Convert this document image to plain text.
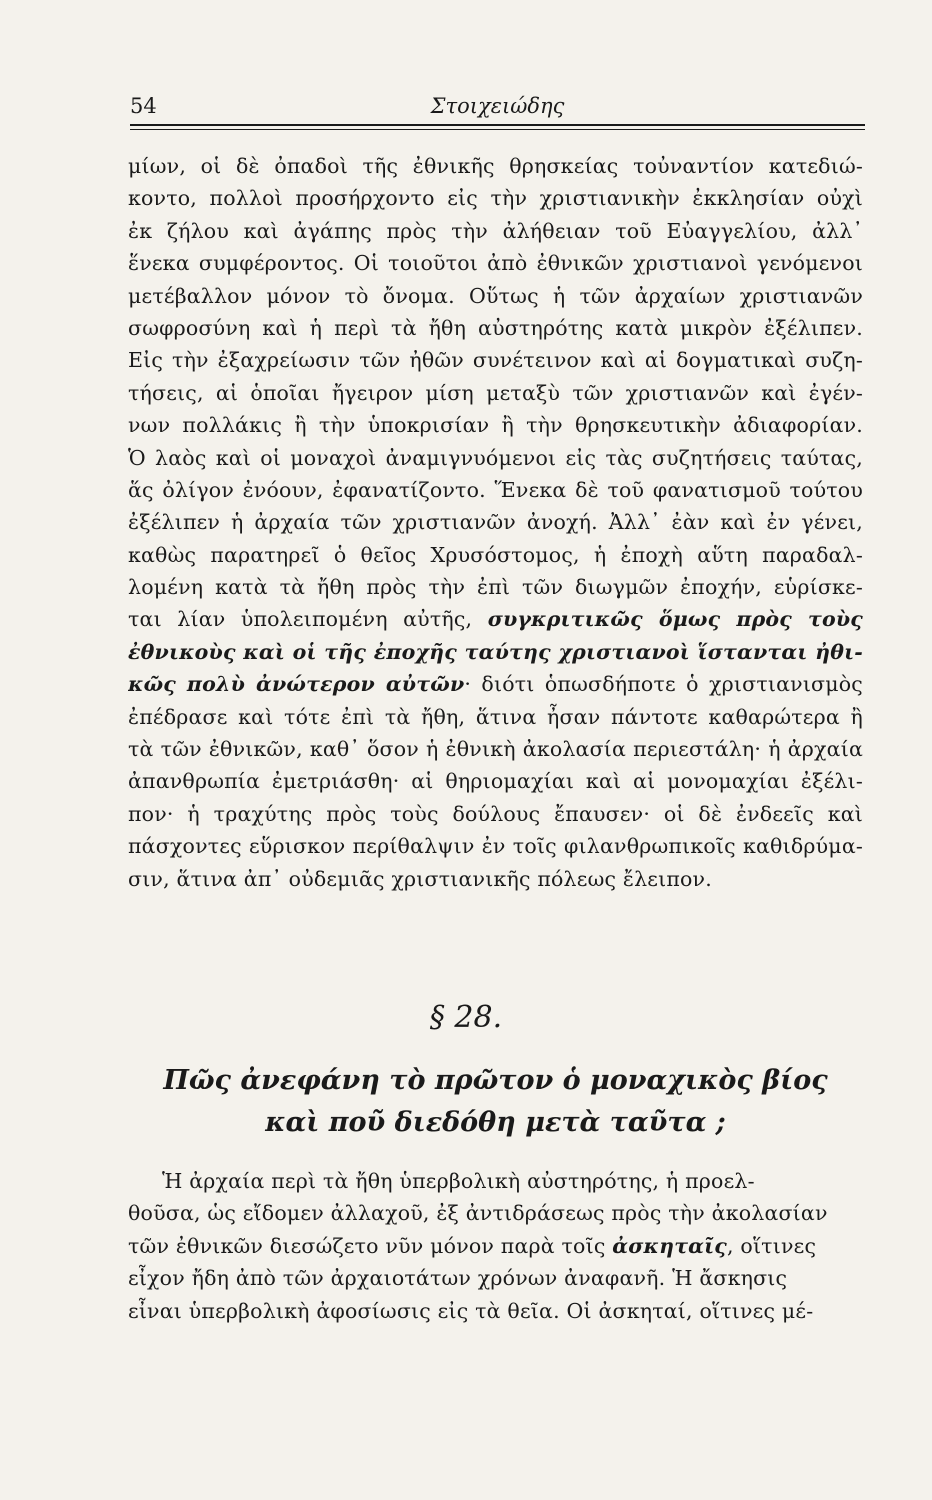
54	Στοιχειώδης
μίων, οἱ δὲ ὀπαδοὶ τῆς ἐθνικῆς θρησκείας τοὐναντίον κατεδιώ-
κοντο, πολλοὶ προσήρχοντο εἰς τὴν χριστιανικὴν ἐκκλησίαν οὐχὶ
ἐκ ζήλου καὶ ἀγάπης πρὸς τὴν ἀλήθειαν τοῦ Εὐαγγελίου, ἀλλ᾽
ἕνεκα συμφέροντος. Οἱ τοιοῦτοι ἀπὸ ἐθνικῶν χριστιανοὶ γενόμενοι
μετέβαλλον μόνον τὸ ὄνομα. Οὕτως ἡ τῶν ἀρχαίων χριστιανῶν
σωφροσύνη καὶ ἡ περὶ τὰ ἤθη αὐστηρότης κατὰ μικρὸν ἐξέλιπεν.
Εἰς τὴν ἐξαχρείωσιν τῶν ἠθῶν συνέτεινον καὶ αἱ δογματικαὶ συζη-
τήσεις, αἱ ὁποῖαι ἤγειρον μίση μεταξὺ τῶν χριστιανῶν καὶ ἐγέν-
νων πολλάκις ἢ τὴν ὑποκρισίαν ἢ τὴν θρησκευτικὴν ἀδιαφορίαν.
Ὁ λαὸς καὶ οἱ μοναχοὶ ἀναμιγνυόμενοι εἰς τὰς συζητήσεις ταύτας,
ἅς ὀλίγον ἐνόουν, ἐφανατίζοντο. Ἕνεκα δὲ τοῦ φανατισμοῦ τούτου
ἐξέλιπεν ἡ ἀρχαία τῶν χριστιανῶν ἀνοχή. Ἀλλ᾽ ἐὰν καὶ ἐν γένει,
καθὼς παρατηρεῖ ὁ θεῖος Χρυσόστομος, ἡ ἐποχὴ αὕτη παραδαλ-
λομένη κατὰ τὰ ἤθη πρὸς τὴν ἐπὶ τῶν διωγμῶν ἐποχήν, εὑρίσκε-
ται λίαν ὑπολειπομένη αὐτῆς, συγκριτικῶς ὅμως πρὸς τοὺς
ἐθνικοὺς καὶ οἱ τῆς ἐποχῆς ταύτης χριστιανοὶ ἵστανται ἠθι-
κῶς πολὺ ἀνώτερον αὐτῶν· διότι ὁπωσδήποτε ὁ χριστιανισμὸς
ἐπέδρασε καὶ τότε ἐπὶ τὰ ἤθη, ἅτινα ἦσαν πάντοτε καθαρώτερα ἢ
τὰ τῶν ἐθνικῶν, καθ᾽ ὅσον ἡ ἐθνικὴ ἀκολασία περιεστάλη· ἡ ἀρχαία
ἀπανθρωπία ἐμετριάσθη· αἱ θηριομαχίαι καὶ αἱ μονομαχίαι ἐξέλι-
πον· ἡ τραχύτης πρὸς τοὺς δούλους ἔπαυσεν· οἱ δὲ ἐνδεεῖς καὶ
πάσχοντες εὕρισκον περίθαλψιν ἐν τοῖς φιλανθρωπικοῖς καθιδρύμα-
σιν, ἅτινα ἀπ᾽ οὐδεμιᾶς χριστιανικῆς πόλεως ἔλειπον.
§ 28.
Πῶς ἀνεφάνη τὸ πρῶτον ὁ μοναχικὸς βίος
καὶ ποῦ διεδόθη μετὰ ταῦτα ;
Ἡ ἀρχαία περὶ τὰ ἤθη ὑπερβολικὴ αὐστηρότης, ἡ προελ-
θοῦσα, ὡς εἴδομεν ἀλλαχοῦ, ἐξ ἀντιδράσεως πρὸς τὴν ἀκολασίαν
τῶν ἐθνικῶν διεσώζετο νῦν μόνον παρὰ τοῖς ἀσκηταῖς, οἵτινες
εἶχον ἤδη ἀπὸ τῶν ἀρχαιοτάτων χρόνων ἀναφανῆ. Ἡ ἄσκησις
εἶναι ὑπερβολικὴ ἀφοσίωσις εἰς τὰ θεῖα. Οἱ ἀσκηταί, οἵτινες μέ-
